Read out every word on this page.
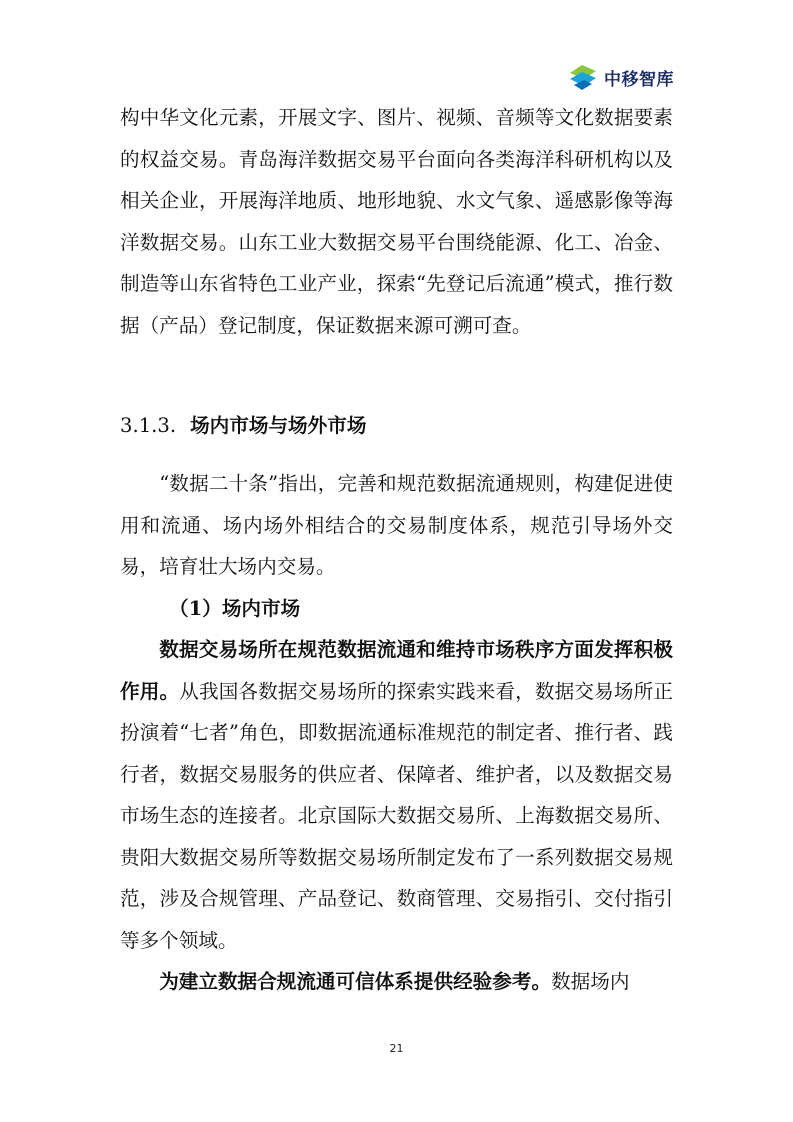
中移智库

构中华文化元素，开展文字、图片、视频、音频等文化数据要素的权益交易。青岛海洋数据交易平台面向各类海洋科研机构以及相关企业，开展海洋地质、地形地貌、水文气象、遥感影像等海洋数据交易。山东工业大数据交易平台围绕能源、化工、冶金、制造等山东省特色工业产业，探索“先登记后流通”模式，推行数据（产品）登记制度，保证数据来源可溯可查。

3.1.3. 场内市场与场外市场

“数据二十条”指出，完善和规范数据流通规则，构建促进使用和流通、场内场外相结合的交易制度体系，规范引导场外交易，培育壮大场内交易。

（1）场内市场

数据交易场所在规范数据流通和维持市场秩序方面发挥积极作用。从我国各数据交易场所的探索实践来看，数据交易场所正扮演着“七者”角色，即数据流通标准规范的制定者、推行者、践行者，数据交易服务的供应者、保障者、维护者，以及数据交易市场生态的连接者。北京国际大数据交易所、上海数据交易所、贵阳大数据交易所等数据交易场所制定发布了一系列数据交易规范，涉及合规管理、产品登记、数商管理、交易指引、交付指引等多个领域。

为建立数据合规流通可信体系提供经验参考。数据场内

21
